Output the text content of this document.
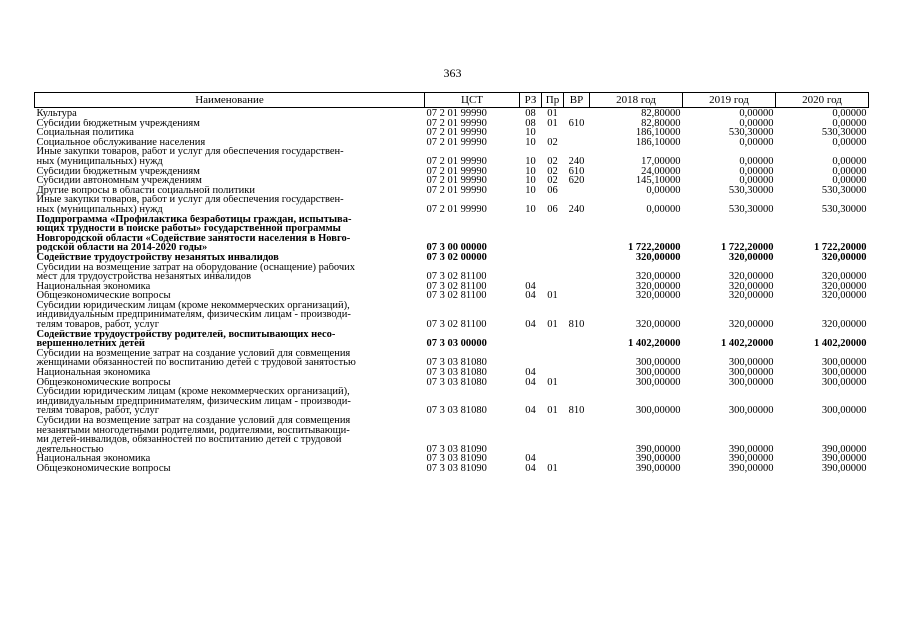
363
Наименование	ЦСТ	РЗ	Пр	ВР	2018 год	2019 год	2020 год
Культура	07 2 01 99990	08	01		82,80000	0,00000	0,00000
Субсидии бюджетным учреждениям	07 2 01 99990	08	01	610	82,80000	0,00000	0,00000
Социальная политика	07 2 01 99990	10			186,10000	530,30000	530,30000
Социальное обслуживание населения	07 2 01 99990	10	02		186,10000	0,00000	0,00000
Иные закупки товаров, работ и услуг для обеспечения государствен-
ных (муниципальных) нужд	07 2 01 99990	10	02	240	17,00000	0,00000	0,00000
Субсидии бюджетным учреждениям	07 2 01 99990	10	02	610	24,00000	0,00000	0,00000
Субсидии автономным учреждениям	07 2 01 99990	10	02	620	145,10000	0,00000	0,00000
Другие вопросы в области социальной политики	07 2 01 99990	10	06		0,00000	530,30000	530,30000
Иные закупки товаров, работ и услуг для обеспечения государствен-
ных (муниципальных) нужд	07 2 01 99990	10	06	240	0,00000	530,30000	530,30000
Подпрограмма «Профилактика безработицы граждан, испытыва-
ющих трудности в поиске работы» государственной программы
Новгородской области «Содействие занятости населения в Новго-
родской области на 2014-2020 годы»	07 3 00 00000				1 722,20000	1 722,20000	1 722,20000
Содействие трудоустройству незанятых инвалидов	07 3 02 00000				320,00000	320,00000	320,00000
Субсидии на возмещение затрат на оборудование (оснащение) рабочих
мест для трудоустройства незанятых инвалидов	07 3 02 81100				320,00000	320,00000	320,00000
Национальная экономика	07 3 02 81100	04			320,00000	320,00000	320,00000
Общеэкономические вопросы	07 3 02 81100	04	01		320,00000	320,00000	320,00000
Субсидии юридическим лицам (кроме некоммерческих организаций),
индивидуальным предпринимателям, физическим лицам - производи-
телям товаров, работ, услуг	07 3 02 81100	04	01	810	320,00000	320,00000	320,00000
Содействие трудоустройству родителей, воспитывающих несо-
вершеннолетних детей	07 3 03 00000				1 402,20000	1 402,20000	1 402,20000
Субсидии на возмещение затрат на создание условий для совмещения
женщинами обязанностей по воспитанию детей с трудовой занятостью	07 3 03 81080				300,00000	300,00000	300,00000
Национальная экономика	07 3 03 81080	04			300,00000	300,00000	300,00000
Общеэкономические вопросы	07 3 03 81080	04	01		300,00000	300,00000	300,00000
Субсидии юридическим лицам (кроме некоммерческих организаций),
индивидуальным предпринимателям, физическим лицам - производи-
телям товаров, работ, услуг	07 3 03 81080	04	01	810	300,00000	300,00000	300,00000
Субсидии на возмещение затрат на создание условий для совмещения
незанятыми многодетными родителями, родителями, воспитывающи-
ми детей-инвалидов, обязанностей по воспитанию детей с трудовой
деятельностью	07 3 03 81090				390,00000	390,00000	390,00000
Национальная экономика	07 3 03 81090	04			390,00000	390,00000	390,00000
Общеэкономические вопросы	07 3 03 81090	04	01		390,00000	390,00000	390,00000
